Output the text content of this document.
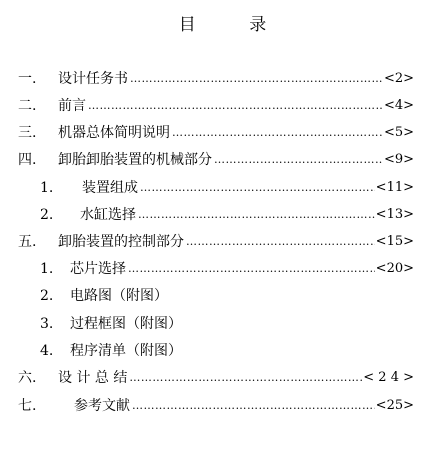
目 录
一.	设计任务书 …………………………………………………………………………………………………………………………………………………………	<2>
二.	前言 …………………………………………………………………………………………………………………………………………………………	<4>
三.	机器总体简明说明 …………………………………………………………………………………………………………………………………………………………	<5>
四.	卸胎卸胎装置的机械部分 …………………………………………………………………………………………………………………………………………………………	<9>
1.	装置组成 …………………………………………………………………………………………………………………………………………………………	<11>
2.	水缸选择 …………………………………………………………………………………………………………………………………………………………	<13>
五.	卸胎装置的控制部分 …………………………………………………………………………………………………………………………………………………………	<15>
1.	芯片选择 …………………………………………………………………………………………………………………………………………………………	<20>
2.	电路图（附图）
3.	过程框图（附图）
4.	程序清单（附图）
六.	设 计 总 结 …………………………………………………………………………………………………………………………………………………………	< 2 4 >
七.	参考文献 …………………………………………………………………………………………………………………………………………………………	<25>
